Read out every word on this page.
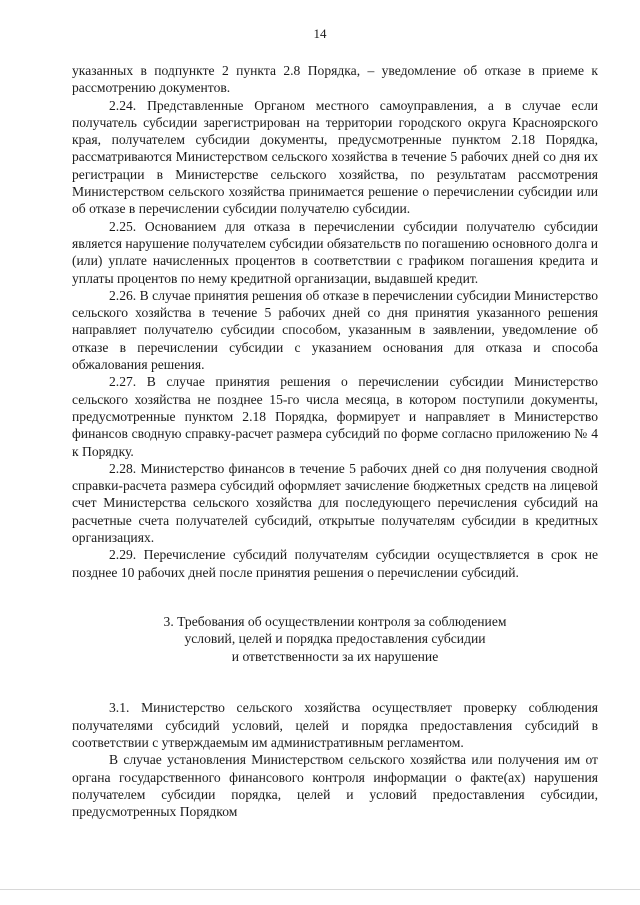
14

указанных в подпункте 2 пункта 2.8 Порядка, – уведомление об отказе в приеме к рассмотрению документов.

2.24. Представленные Органом местного самоуправления, а в случае если получатель субсидии зарегистрирован на территории городского округа Красноярского края, получателем субсидии документы, предусмотренные пунктом 2.18 Порядка, рассматриваются Министерством сельского хозяйства в течение 5 рабочих дней со дня их регистрации в Министерстве сельского хозяйства, по результатам рассмотрения Министерством сельского хозяйства принимается решение о перечислении субсидии или об отказе в перечислении субсидии получателю субсидии.

2.25. Основанием для отказа в перечислении субсидии получателю субсидии является нарушение получателем субсидии обязательств по погашению основного долга и (или) уплате начисленных процентов в соответствии с графиком погашения кредита и уплаты процентов по нему кредитной организации, выдавшей кредит.

2.26. В случае принятия решения об отказе в перечислении субсидии Министерство сельского хозяйства в течение 5 рабочих дней со дня принятия указанного решения направляет получателю субсидии способом, указанным в заявлении, уведомление об отказе в перечислении субсидии с указанием основания для отказа и способа обжалования решения.

2.27. В случае принятия решения о перечислении субсидии Министерство сельского хозяйства не позднее 15-го числа месяца, в котором поступили документы, предусмотренные пунктом 2.18 Порядка, формирует и направляет в Министерство финансов сводную справку-расчет размера субсидий по форме согласно приложению № 4 к Порядку.

2.28. Министерство финансов в течение 5 рабочих дней со дня получения сводной справки-расчета размера субсидий оформляет зачисление бюджетных средств на лицевой счет Министерства сельского хозяйства для последующего перечисления субсидий на расчетные счета получателей субсидий, открытые получателям субсидии в кредитных организациях.

2.29. Перечисление субсидий получателям субсидии осуществляется в срок не позднее 10 рабочих дней после принятия решения о перечислении субсидий.

3. Требования об осуществлении контроля за соблюдением
условий, целей и порядка предоставления субсидии
и ответственности за их нарушение

3.1. Министерство сельского хозяйства осуществляет проверку соблюдения получателями субсидий условий, целей и порядка предоставления субсидий в соответствии с утверждаемым им административным регламентом.

В случае установления Министерством сельского хозяйства или получения им от органа государственного финансового контроля информации о факте(ах) нарушения получателем субсидии порядка, целей и условий предоставления субсидии, предусмотренных Порядком
